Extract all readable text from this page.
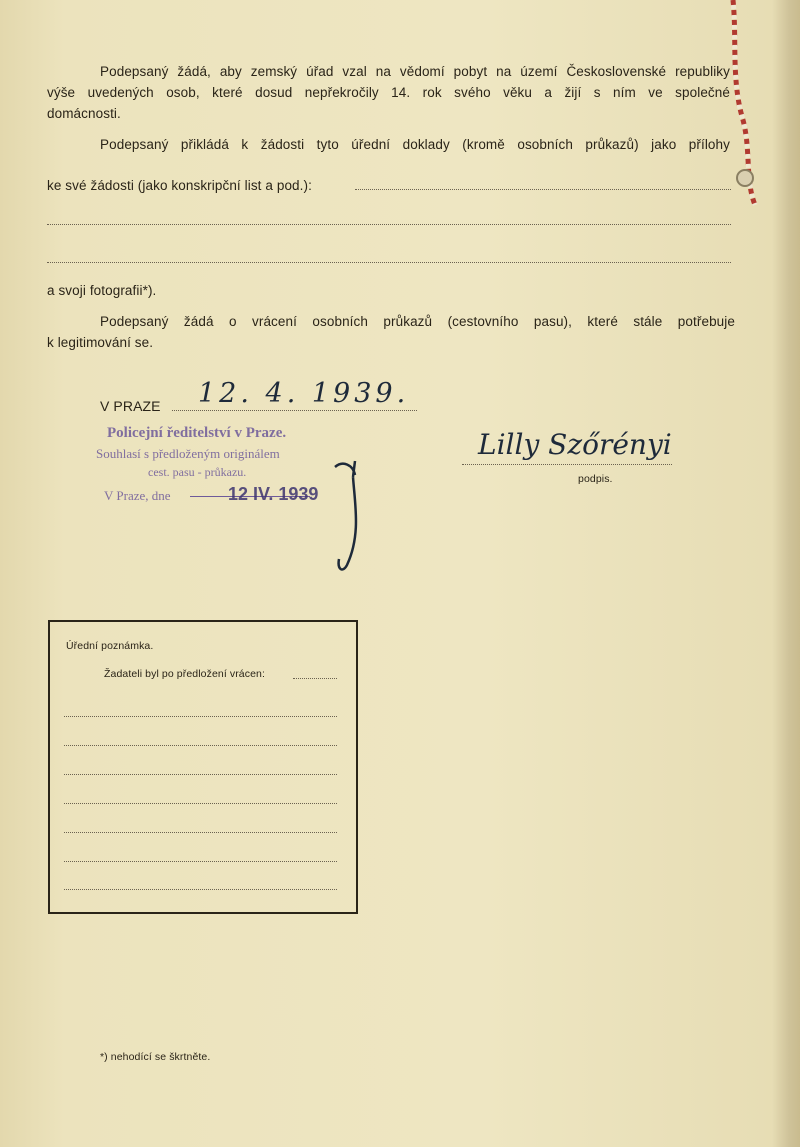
Podepsaný žádá, aby zemský úřad vzal na vědomí pobyt na území Československé republiky
výše uvedených osob, které dosud nepřekročily 14. rok svého věku a žijí s ním ve společné
domácnosti.
Podepsaný přikládá k žádosti tyto úřední doklady (kromě osobních průkazů) jako přílohy
ke své žádosti (jako konskripční list a pod.):
a svoji fotografii*).
Podepsaný žádá o vrácení osobních průkazů (cestovního pasu), které stále potřebuje
k legitimování se.
V PRAZE 12. 4. 1939.
Policejní ředitelství v Praze.
Souhlasí s předloženým originálem
cest. pasu - průkazu.
V Praze, dne	12 IV. 1939
Lilly Szőrényi
podpis.
Úřední poznámka.
Žadateli byl po předložení vrácen:
*) nehodící se škrtněte.
